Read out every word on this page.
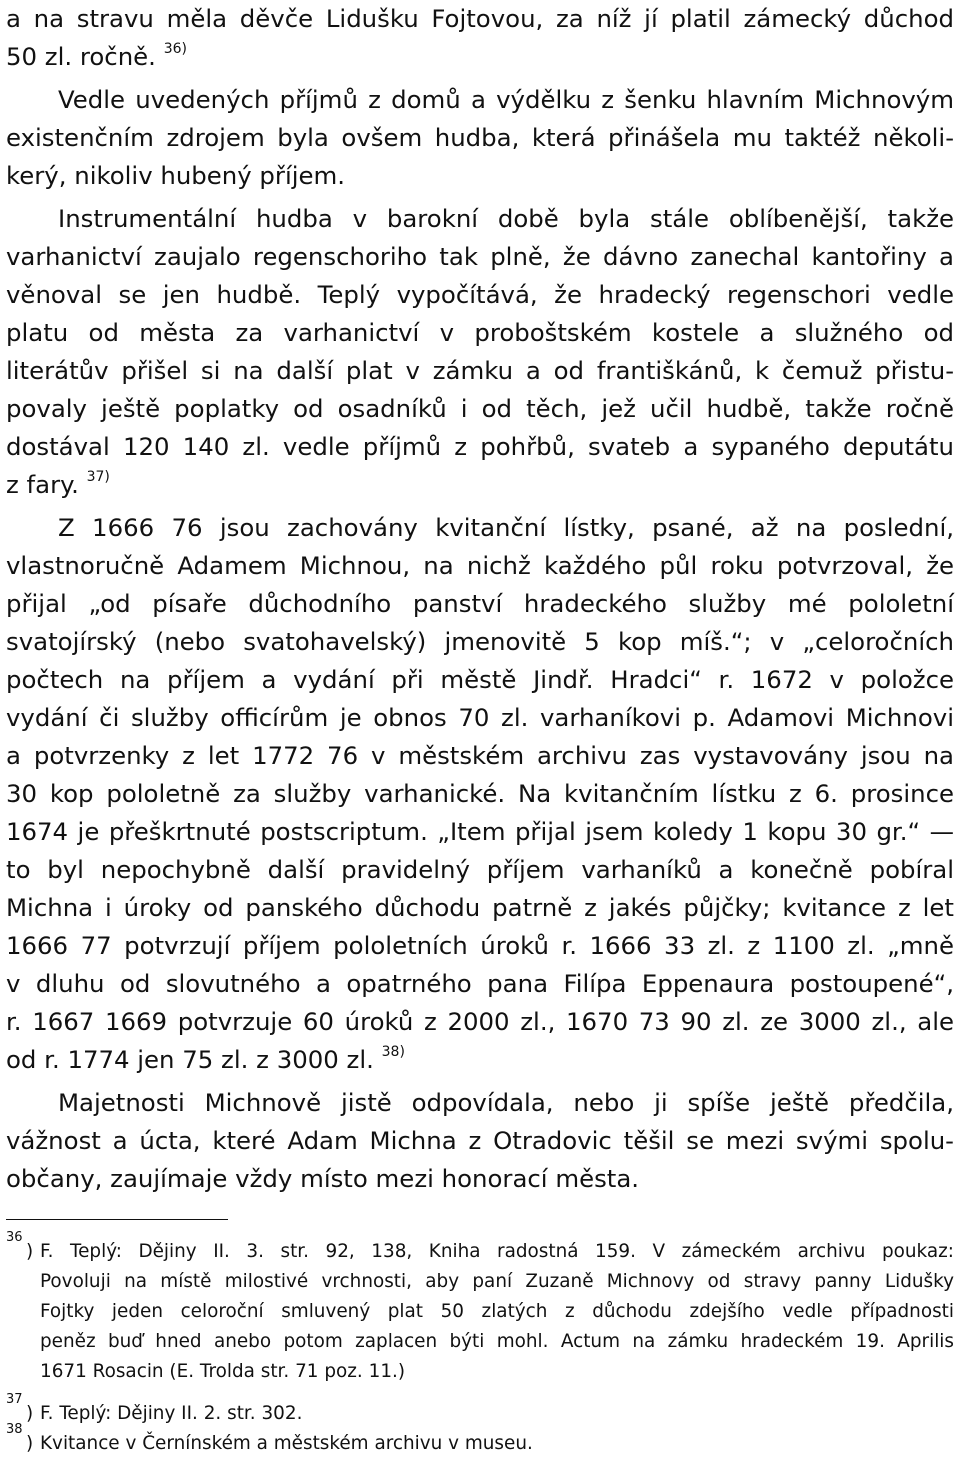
a na stravu měla děvče Lidušku Fojtovou, za níž jí platil zámecký důchod
50 zl. ročně. $^{36)}$
Vedle uvedených příjmů z domů a výdělku z šenku hlavním Michnovým
existenčním zdrojem byla ovšem hudba, která přinášela mu taktéž několi-
kerý, nikoliv hubený příjem.
Instrumentální hudba v barokní době byla stále oblíbenější, takže
varhanictví zaujalo regenschoriho tak plně, že dávno zanechal kantořiny a
věnoval se jen hudbě. Teplý vypočítává, že hradecký regenschori vedle
platu od města za varhanictví v proboštském kostele a služného od
literátův přišel si na další plat v zámku a od františkánů, k čemuž přistu-
povaly ještě poplatky od osadníků i od těch, jež učil hudbě, takže ročně
dostával 120 140 zl. vedle příjmů z pohřbů, svateb a sypaného deputátu
z fary. $^{37)}$
Z 1666 76 jsou zachovány kvitanční lístky, psané, až na poslední,
vlastnoručně Adamem Michnou, na nichž každého půl roku potvrzoval, že
přijal „od písaře důchodního panství hradeckého služby mé pololetní
svatojírský (nebo svatohavelský) jmenovitě 5 kop míš.“; v „celoročních
počtech na příjem a vydání při městě Jindř. Hradci“ r. 1672 v položce
vydání či služby officírům je obnos 70 zl. varhaníkovi p. Adamovi Michnovi
a potvrzenky z let 1772 76 v městském archivu zas vystavovány jsou na
30 kop pololetně za služby varhanické. Na kvitančním lístku z 6. prosince
1674 je přeškrtnuté postscriptum. „Item přijal jsem koledy 1 kopu 30 gr.“ —
to byl nepochybně další pravidelný příjem varhaníků a konečně pobíral
Michna i úroky od panského důchodu patrně z jakés půjčky; kvitance z let
1666 77 potvrzují příjem pololetních úroků r. 1666 33 zl. z 1100 zl. „mně
v dluhu od slovutného a opatrného pana Filípa Eppenaura postoupené“,
r. 1667 1669 potvrzuje 60 úroků z 2000 zl., 1670 73 90 zl. ze 3000 zl., ale
od r. 1774 jen 75 zl. z 3000 zl. $^{38)}$
Majetnosti Michnově jistě odpovídala, nebo ji spíše ještě předčila,
vážnost a úcta, které Adam Michna z Otradovic těšil se mezi svými spolu-
občany, zaujímaje vždy místo mezi honorací města.
36
) F. Teplý: Dějiny II. 3. str. 92, 138, Kniha radostná 159. V zámeckém archivu poukaz:
Povoluji na místě milostivé vrchnosti, aby paní Zuzaně Michnovy od stravy panny Lidušky
Fojtky jeden celoroční smluvený plat 50 zlatých z důchodu zdejšího vedle případnosti
peněz buď hned anebo potom zaplacen býti mohl. Actum na zámku hradeckém 19. Aprilis
1671 Rosacin (E. Trolda str. 71 poz. 11.)
37
) F. Teplý: Dějiny II. 2. str. 302.
38
) Kvitance v Černínském a městském archivu v museu.
